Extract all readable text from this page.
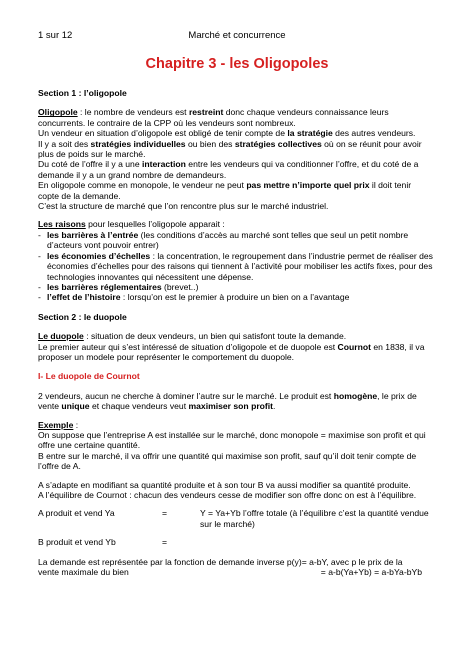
1 sur 12	Marché et concurrence
Chapitre 3 - les Oligopoles

Section 1 : l’oligopole

Oligopole : le nombre de vendeurs est restreint donc chaque vendeurs connaissance leurs concurrents. le contraire de la CPP où les vendeurs sont nombreux.

Un vendeur en situation d’oligopole est obligé de tenir compte de la stratégie des autres vendeurs.

Il y a soit des stratégies individuelles ou bien des stratégies collectives où on se réunit pour avoir plus de poids sur le marché.

Du coté de l’offre il y a une interaction entre les vendeurs qui va conditionner l’offre, et du coté de a demande il y a un grand nombre de demandeurs.

En oligopole comme en monopole, le vendeur ne peut pas mettre n’importe quel prix il doit tenir copte de la demande.

C’est la structure de marché que l’on rencontre plus sur le marché industriel.

Les raisons pour lesquelles l’oligopole apparait :

- les barrières à l’entrée (les conditions d’accès au marché sont telles que seul un petit nombre d’acteurs vont pouvoir entrer)
- les économies d’échelles : la concentration, le regroupement dans l’industrie permet de réaliser des économies d’échelles pour des raisons qui tiennent à l’activité pour mobiliser les actifs fixes, pour des technologies innovantes qui nécessitent une dépense.
- les barrières réglementaires (brevet..)
- l’effet de l’histoire : lorsqu’on est le premier à produire un bien on a l’avantage

Section 2 : le duopole

Le duopole : situation de deux vendeurs, un bien qui satisfont toute la demande.

Le premier auteur qui s’est intéressé de situation d’oligopole et de duopole est Cournot en 1838, il va proposer un modele pour représenter le comportement du duopole.

I- Le duopole de Cournot

2 vendeurs, aucun ne cherche à dominer l’autre sur le marché. Le produit est homogène, le prix de vente unique et chaque vendeurs veut maximiser son profit.

Exemple :

On suppose que l’entreprise A est installée sur le marché, donc monopole = maximise son profit et qui offre une certaine quantité.

B entre sur le marché, il va offrir une quantité qui maximise son profit, sauf qu’il doit tenir compte de l’offre de A.

A s’adapte en modifiant sa quantité produite et à son tour B va aussi modifier sa quantité produite.

A l’équilibre de Cournot : chacun des vendeurs cesse de modifier son offre donc on est à l’équilibre.

A produit et vend Ya	=	Y = Ya+Yb l’offre totale (à l’équilibre c’est la quantité vendue sur le marché)
B produit et vend Yb	=

La demande est représentée par la fonction de demande inverse p(y)= a-bY, avec p le prix de la

vente maximale du bien	= a-b(Ya+Yb) = a-bYa-bYb
